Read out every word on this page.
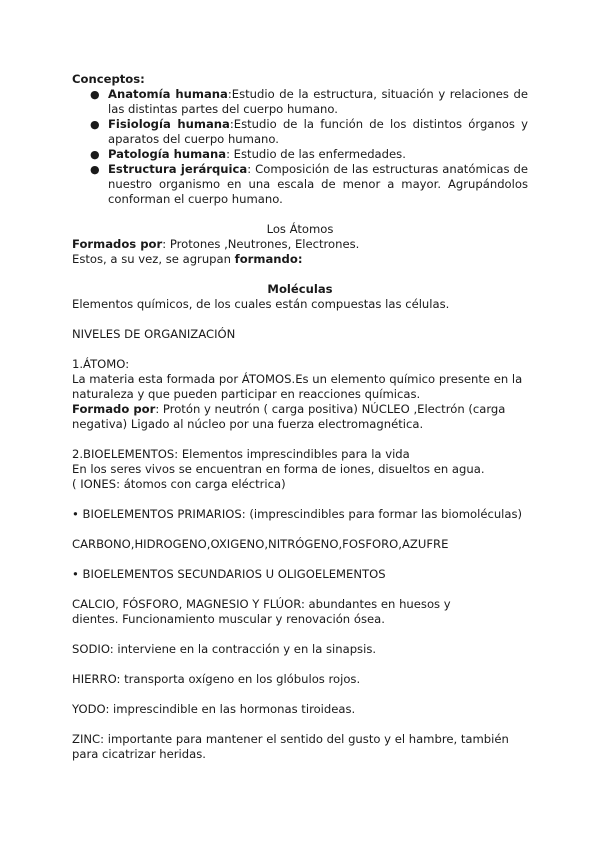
Conceptos:

● Anatomía humana:Estudio de la estructura, situación y relaciones de las distintas partes del cuerpo humano.
● Fisiología humana:Estudio de la función de los distintos órganos y aparatos del cuerpo humano.
● Patología humana: Estudio de las enfermedades.
● Estructura jerárquica: Composición de las estructuras anatómicas de nuestro organismo en una escala de menor a mayor. Agrupándolos conforman el cuerpo humano.

Los Átomos

Formados por: Protones ,Neutrones, Electrones.

Estos, a su vez, se agrupan formando:

Moléculas

Elementos químicos, de los cuales están compuestas las células.

NIVELES DE ORGANIZACIÓN

1.ÁTOMO:

La materia esta formada por ÁTOMOS.Es un elemento químico presente en la

naturaleza y que pueden participar en reacciones químicas.

Formado por: Protón y neutrón ( carga positiva) NÚCLEO ,Electrón (carga

negativa) Ligado al núcleo por una fuerza electromagnética.

2.BIOELEMENTOS: Elementos imprescindibles para la vida

En los seres vivos se encuentran en forma de iones, disueltos en agua.

( IONES: átomos con carga eléctrica)

• BIOELEMENTOS PRIMARIOS: (imprescindibles para formar las biomoléculas)

CARBONO,HIDROGENO,OXIGENO,NITRÓGENO,FOSFORO,AZUFRE

• BIOELEMENTOS SECUNDARIOS U OLIGOELEMENTOS

CALCIO, FÓSFORO, MAGNESIO Y FLÚOR: abundantes en huesos y

dientes. Funcionamiento muscular y renovación ósea.

SODIO: interviene en la contracción y en la sinapsis.

HIERRO: transporta oxígeno en los glóbulos rojos.

YODO: imprescindible en las hormonas tiroideas.

ZINC: importante para mantener el sentido del gusto y el hambre, también

para cicatrizar heridas.
